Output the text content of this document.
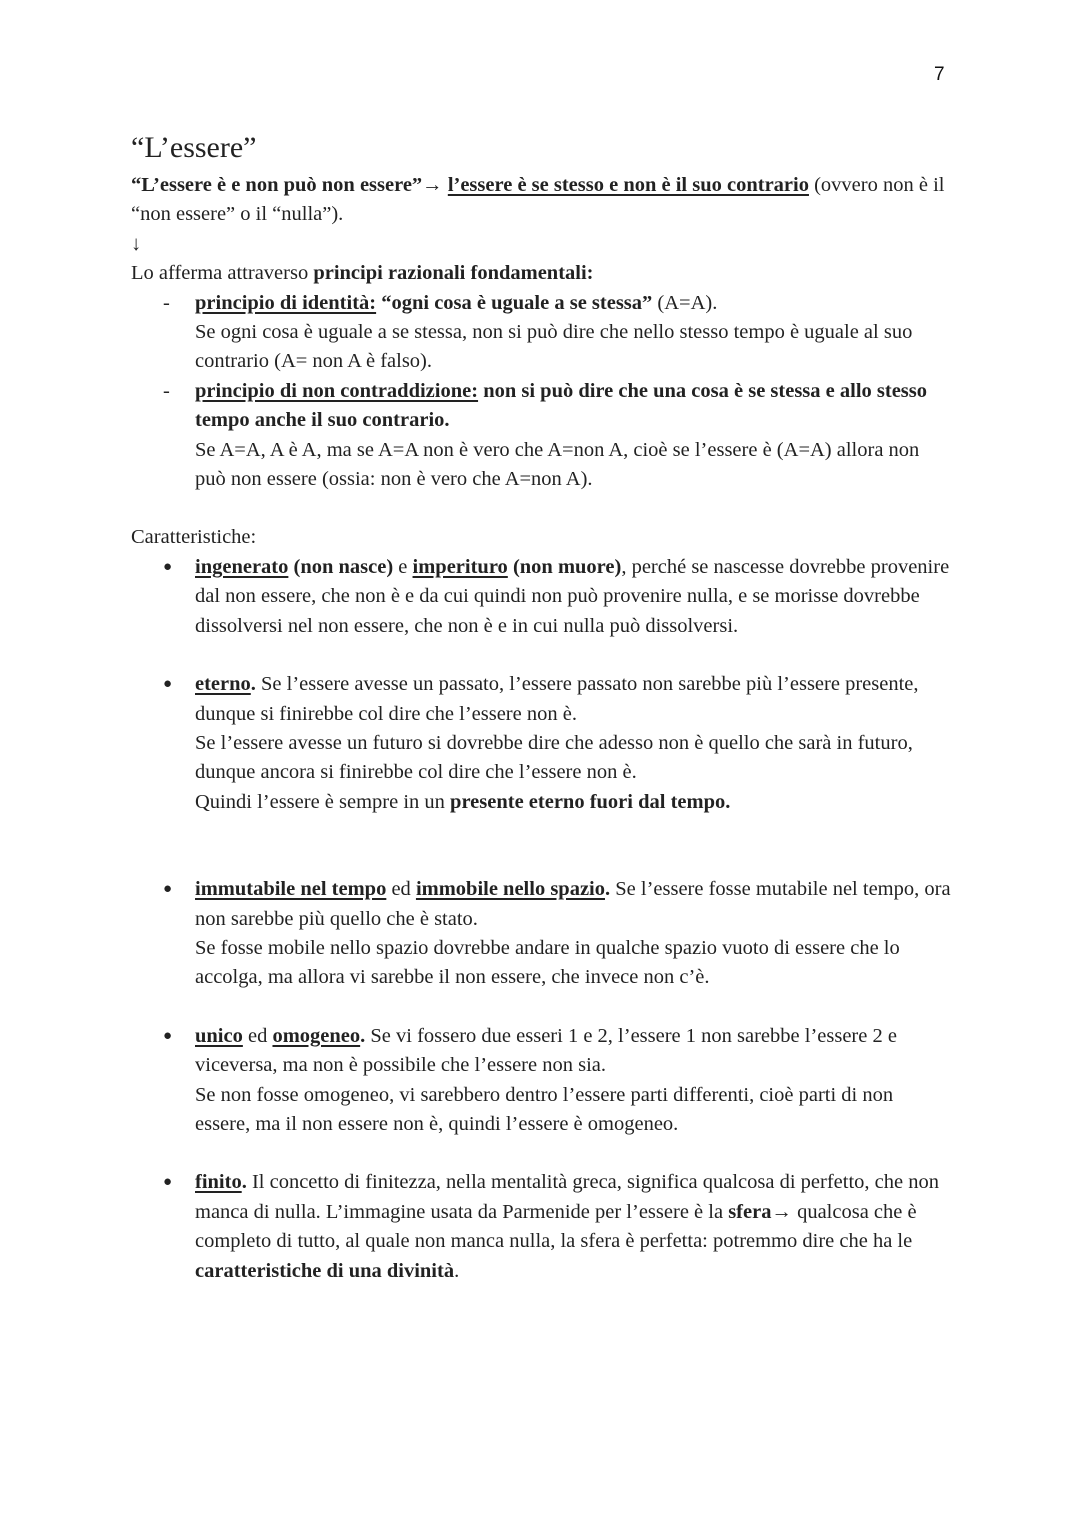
7
“L’essere”

“L’essere è e non può non essere”→ l’essere è se stesso e non è il suo contrario (ovvero non è il “non essere” o il “nulla”).

↓

Lo afferma attraverso principi razionali fondamentali:

- principio di identità: “ogni cosa è uguale a se stessa” (A=A).

Se ogni cosa è uguale a se stessa, non si può dire che nello stesso tempo è uguale al suo contrario (A= non A è falso).

- principio di non contraddizione: non si può dire che una cosa è se stessa e allo stesso tempo anche il suo contrario.

Se A=A, A è A, ma se A=A non è vero che A=non A, cioè se l’essere è (A=A) allora non può non essere (ossia: non è vero che A=non A).

Caratteristiche:

● ingenerato (non nasce) e imperituro (non muore), perché se nascesse dovrebbe provenire dal non essere, che non è e da cui quindi non può provenire nulla, e se morisse dovrebbe dissolversi nel non essere, che non è e in cui nulla può dissolversi.

● eterno. Se l’essere avesse un passato, l’essere passato non sarebbe più l’essere presente, dunque si finirebbe col dire che l’essere non è.

Se l’essere avesse un futuro si dovrebbe dire che adesso non è quello che sarà in futuro, dunque ancora si finirebbe col dire che l’essere non è.

Quindi l’essere è sempre in un presente eterno fuori dal tempo.

● immutabile nel tempo ed immobile nello spazio. Se l’essere fosse mutabile nel tempo, ora non sarebbe più quello che è stato.

Se fosse mobile nello spazio dovrebbe andare in qualche spazio vuoto di essere che lo accolga, ma allora vi sarebbe il non essere, che invece non c’è.

● unico ed omogeneo. Se vi fossero due esseri 1 e 2, l’essere 1 non sarebbe l’essere 2 e viceversa, ma non è possibile che l’essere non sia.

Se non fosse omogeneo, vi sarebbero dentro l’essere parti differenti, cioè parti di non essere, ma il non essere non è, quindi l’essere è omogeneo.

● finito. Il concetto di finitezza, nella mentalità greca, significa qualcosa di perfetto, che non manca di nulla. L’immagine usata da Parmenide per l’essere è la sfera→ qualcosa che è completo di tutto, al quale non manca nulla, la sfera è perfetta: potremmo dire che ha le caratteristiche di una divinità.
